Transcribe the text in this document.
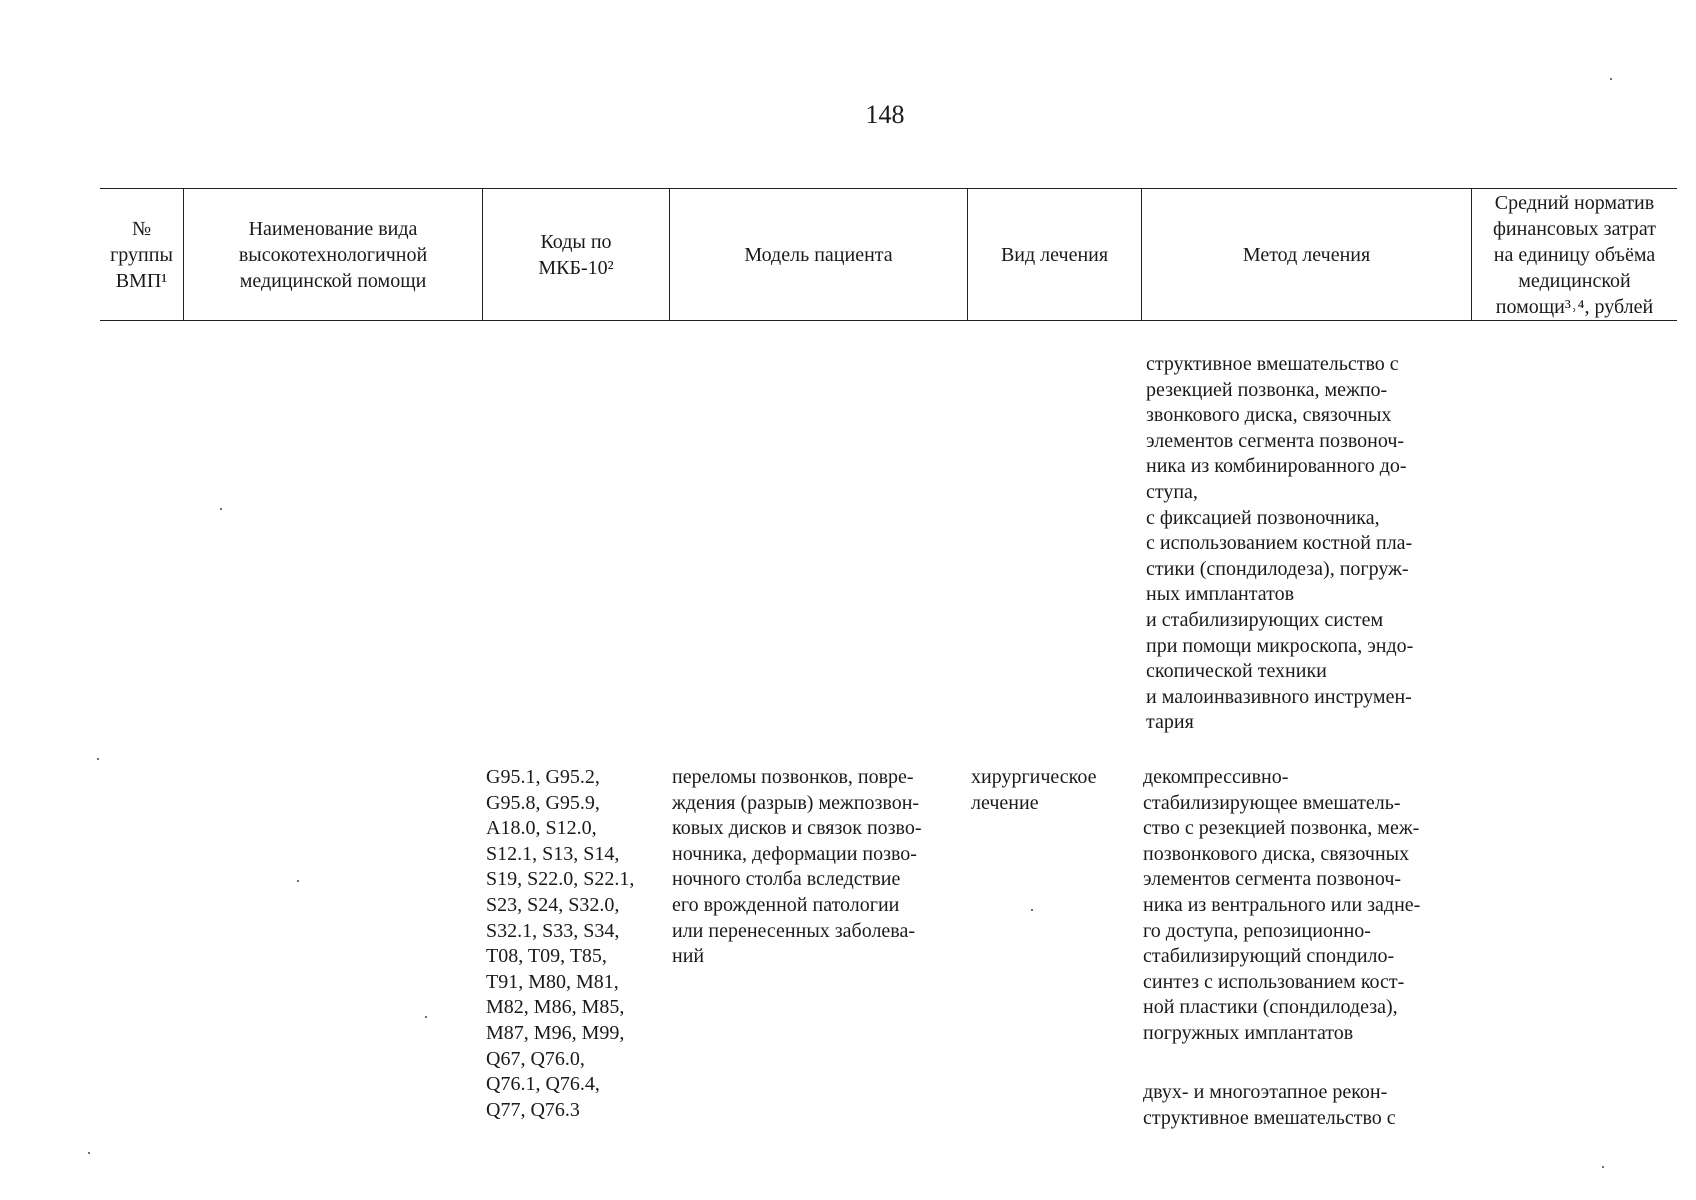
148
№
группы
ВМП¹
Наименование вида
высокотехнологичной
медицинской помощи
Коды по
МКБ-10²
Модель пациента	Вид лечения	Метод лечения
Средний норматив
финансовых затрат
на единицу объёма
медицинской
помощи³˒⁴, рублей
структивное вмешательство с
резекцией позвонка, межпо-
звонкового диска, связочных
элементов сегмента позвоноч-
ника из комбинированного до-
ступа,
с фиксацией позвоночника,
с использованием костной пла-
стики (спондилодеза), погруж-
ных имплантатов
и стабилизирующих систем
при помощи микроскопа, эндо-
скопической техники
и малоинвазивного инструмен-
тария
G95.1, G95.2,
G95.8, G95.9,
A18.0, S12.0,
S12.1, S13, S14,
S19, S22.0, S22.1,
S23, S24, S32.0,
S32.1, S33, S34,
T08, T09, T85,
T91, M80, M81,
M82, M86, M85,
M87, M96, M99,
Q67, Q76.0,
Q76.1, Q76.4,
Q77, Q76.3
переломы позвонков, повре-
ждения (разрыв) межпозвон-
ковых дисков и связок позво-
ночника, деформации позво-
ночного столба вследствие
его врожденной патологии
или перенесенных заболева-
ний
хирургическое
лечение
декомпрессивно-
стабилизирующее вмешатель-
ство с резекцией позвонка, меж-
позвонкового диска, связочных
элементов сегмента позвоноч-
ника из вентрального или задне-
го доступа, репозиционно-
стабилизирующий спондило-
синтез с использованием кост-
ной пластики (спондилодеза),
погружных имплантатов
двух- и многоэтапное рекон-
структивное вмешательство с
